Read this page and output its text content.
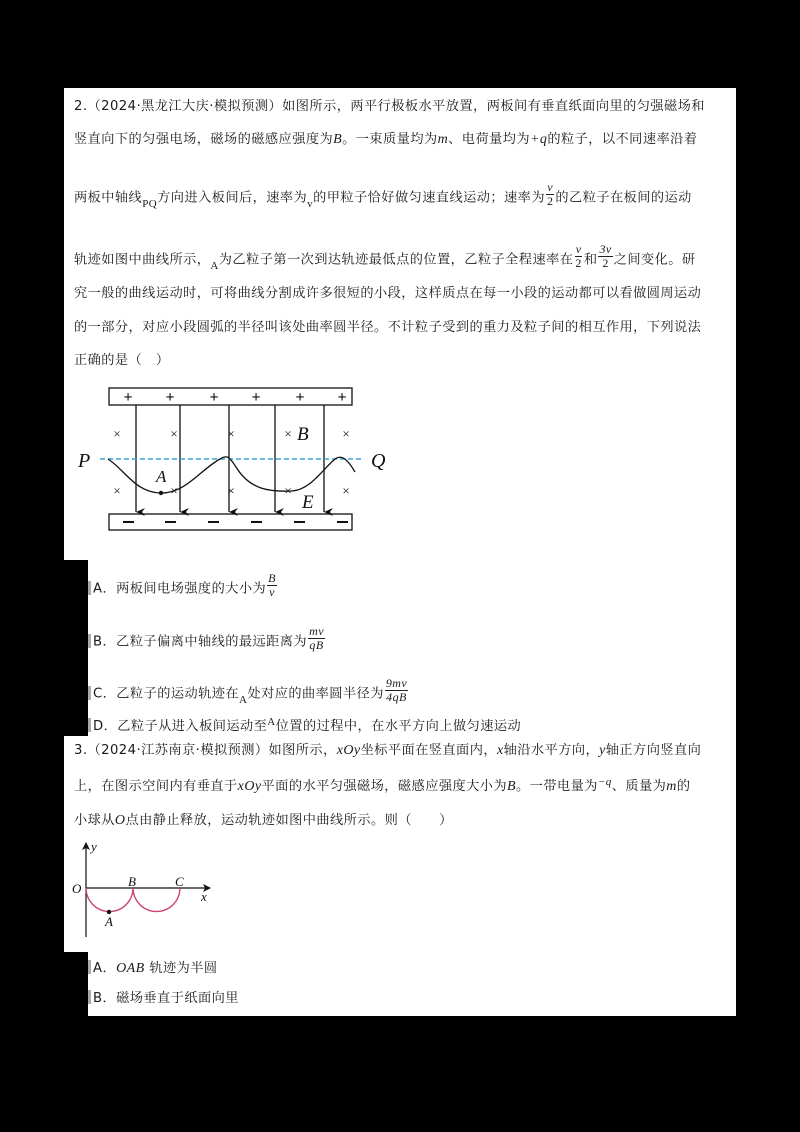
2.（2024·黑龙江大庆·模拟预测）如图所示，两平行极板水平放置，两板间有垂直纸面向里的匀强磁场和
竖直向下的匀强电场，磁场的磁感应强度为B。一束质量均为m、电荷量均为+q的粒子，以不同速率沿着
两板中轴线$_{PQ}$方向进入板间后，速率为$_v$的甲粒子恰好做匀速直线运动；速率为 $\frac{v}{2}$ 的乙粒子在板间的运动
轨迹如图中曲线所示，$_A$为乙粒子第一次到达轨迹最低点的位置，乙粒子全程速率在 $\frac{v}{2}$ 和 $\frac{3v}{2}$ 之间变化。研
究一般的曲线运动时，可将曲线分割成许多很短的小段，这样质点在每一小段的运动都可以看做圆周运动
的一部分，对应小段圆弧的半径叫该处曲率圆半径。不计粒子受到的重力及粒子间的相互作用，下列说法
正确的是（　）
+ + + + + +
×	×	×	×	×
×	×	×	×	×
P	Q
A
B
E
A．两板间电场强度的大小为 $\frac{B}{v}$
B．乙粒子偏离中轴线的最远距离为 $\frac{mv}{qB}$
C．乙粒子的运动轨迹在$_A$处对应的曲率圆半径为 $\frac{9mv}{4qB}$
D．乙粒子从进入板间运动至$^A$位置的过程中，在水平方向上做匀速运动
3.（2024·江苏南京·模拟预测）如图所示，xOy坐标平面在竖直面内，x轴沿水平方向，y轴正方向竖直向
上，在图示空间内有垂直于xOy平面的水平匀强磁场，磁感应强度大小为B。一带电量为$^{-q}$、质量为m的
小球从O点由静止释放，运动轨迹如图中曲线所示。则（　　）
y
x
O
A
B	C
A．OAB 轨迹为半圆
B．磁场垂直于纸面向里
